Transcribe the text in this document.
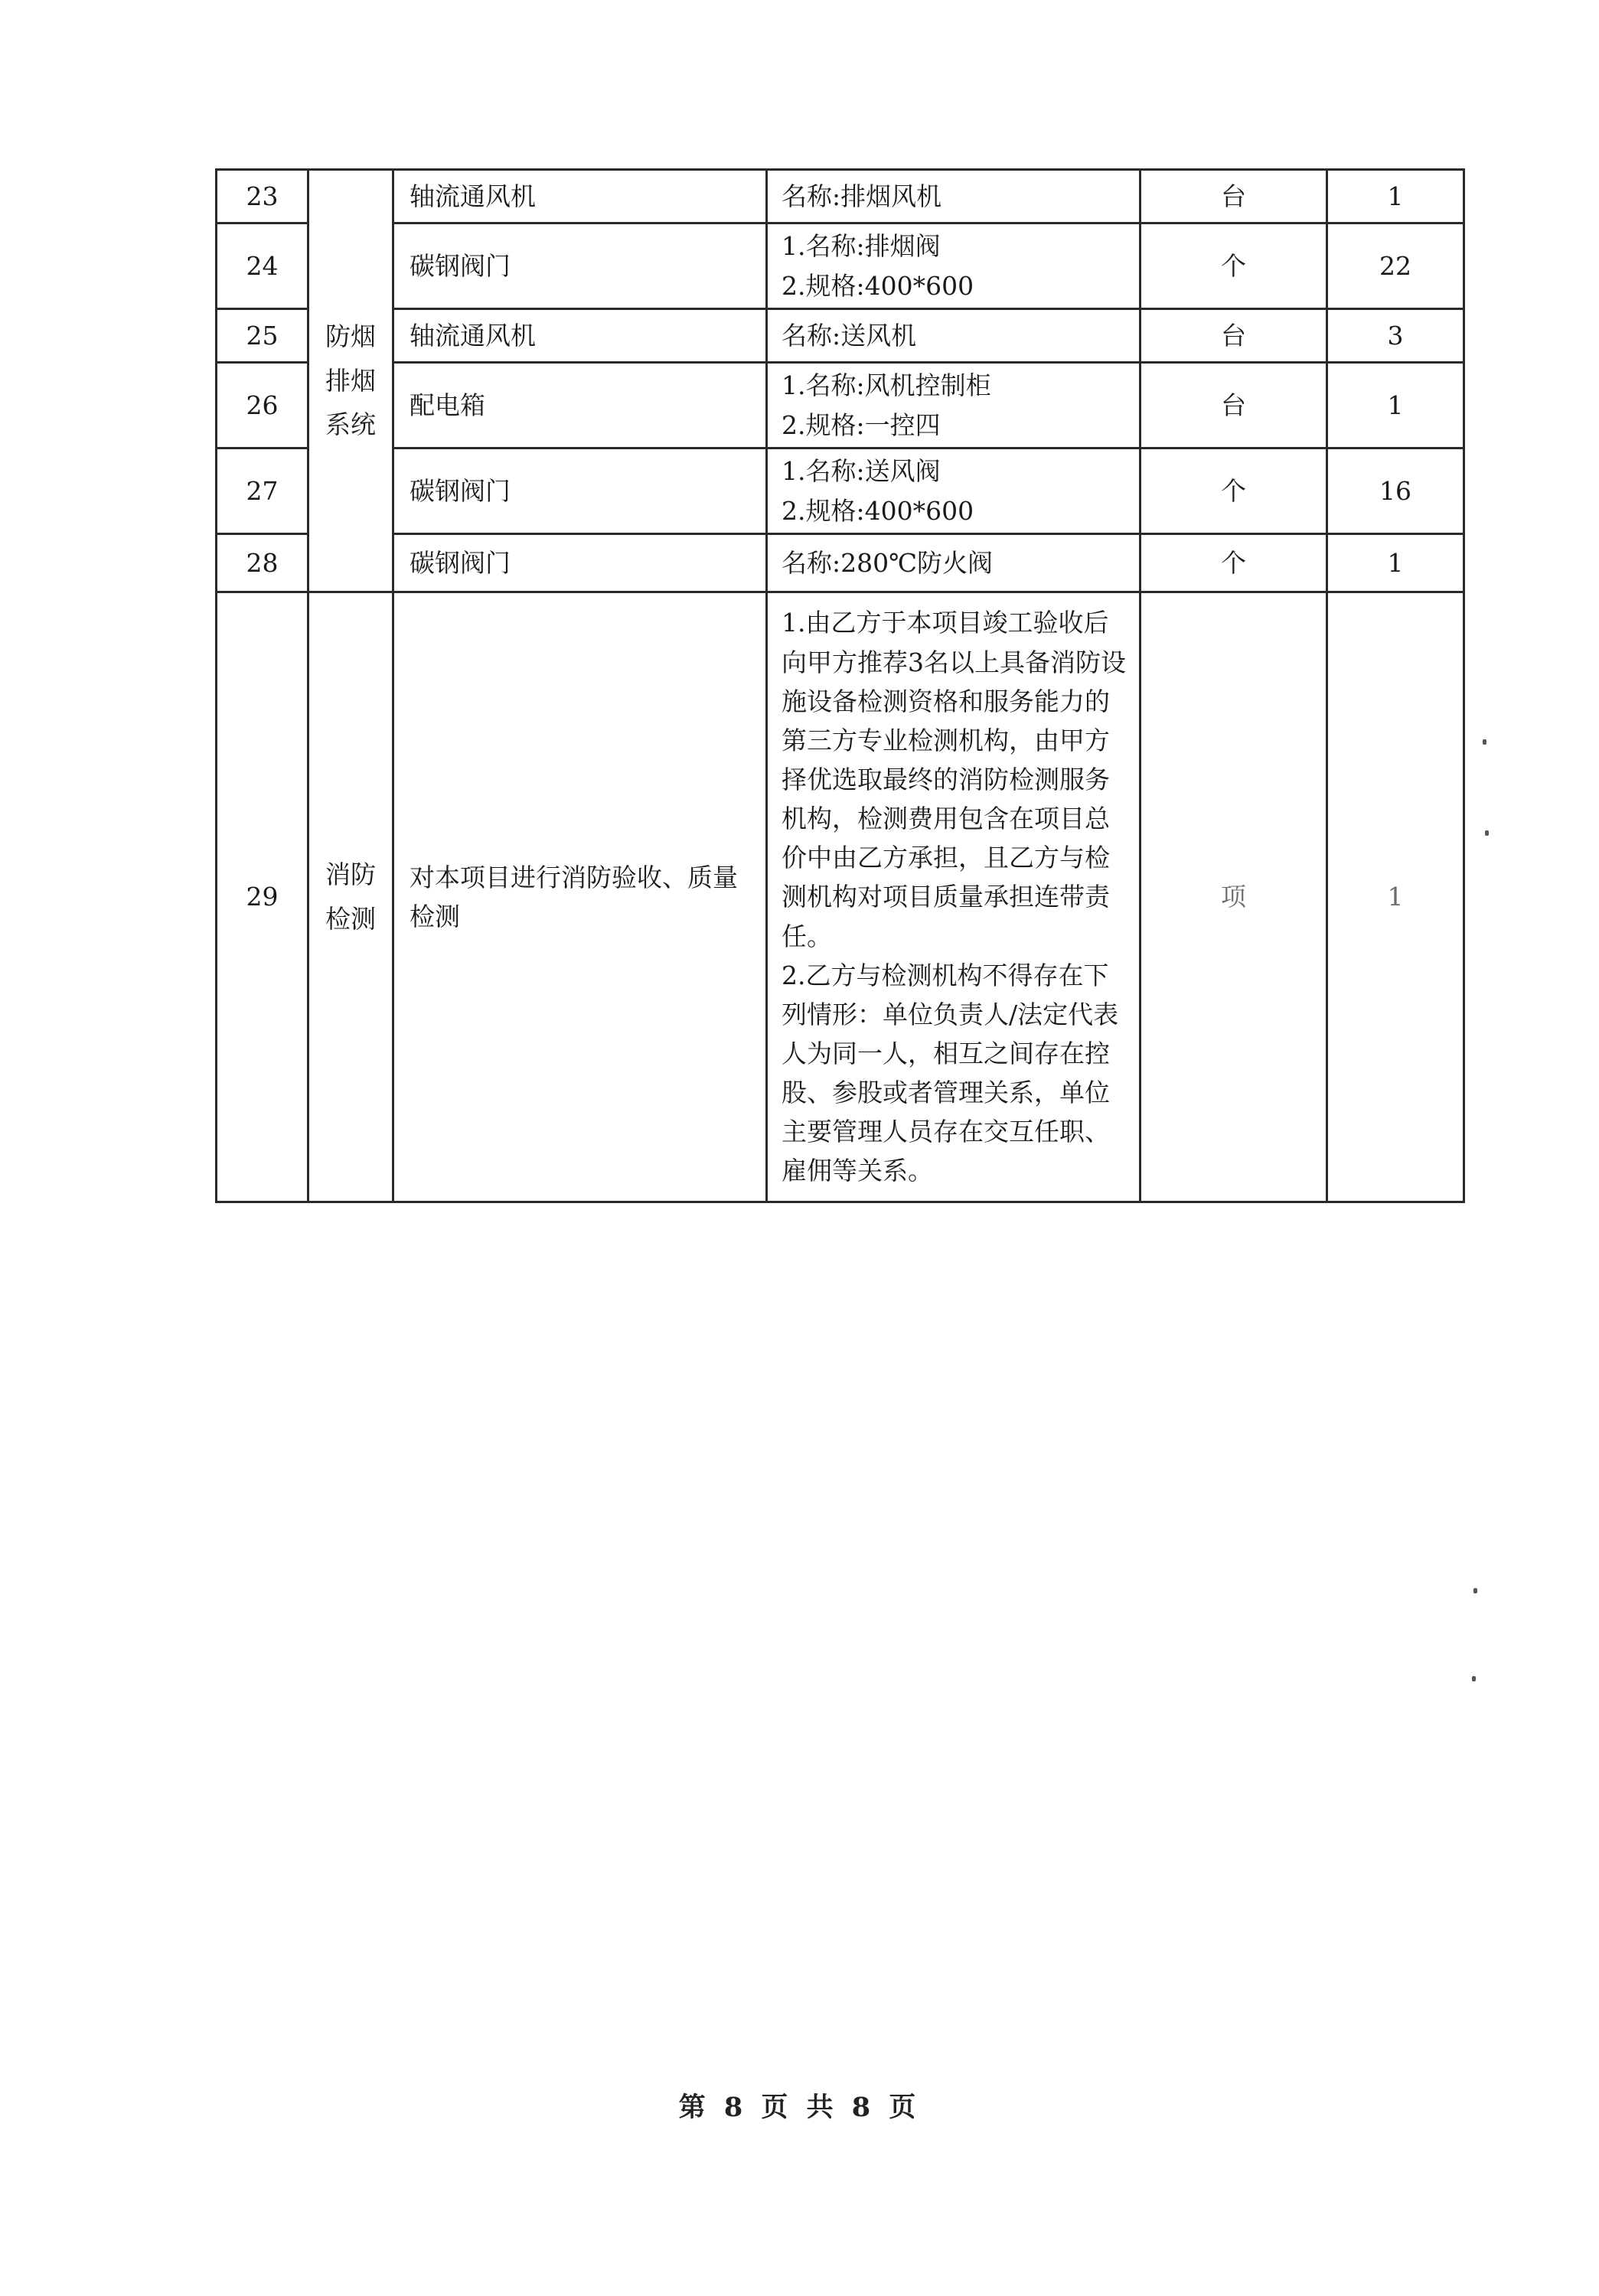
23	防烟排烟系统	轴流通风机	名称:排烟风机	台	1
24		碳钢阀门	1.名称:排烟阀
2.规格:400*600	个	22
25		轴流通风机	名称:送风机	台	3
26		配电箱	1.名称:风机控制柜
2.规格:一控四	台	1
27		碳钢阀门	1.名称:送风阀
2.规格:400*600	个	16
28		碳钢阀门	名称:280℃防火阀	个	1
29	消防检测	对本项目进行消防验收、质量检测	1.由乙方于本项目竣工验收后向甲方推荐3名以上具备消防设施设备检测资格和服务能力的第三方专业检测机构，由甲方择优选取最终的消防检测服务机构，检测费用包含在项目总价中由乙方承担，且乙方与检测机构对项目质量承担连带责任。
2.乙方与检测机构不得存在下列情形：单位负责人/法定代表人为同一人，相互之间存在控股、参股或者管理关系，单位主要管理人员存在交互任职、雇佣等关系。	项	1
第 8 页 共 8 页
